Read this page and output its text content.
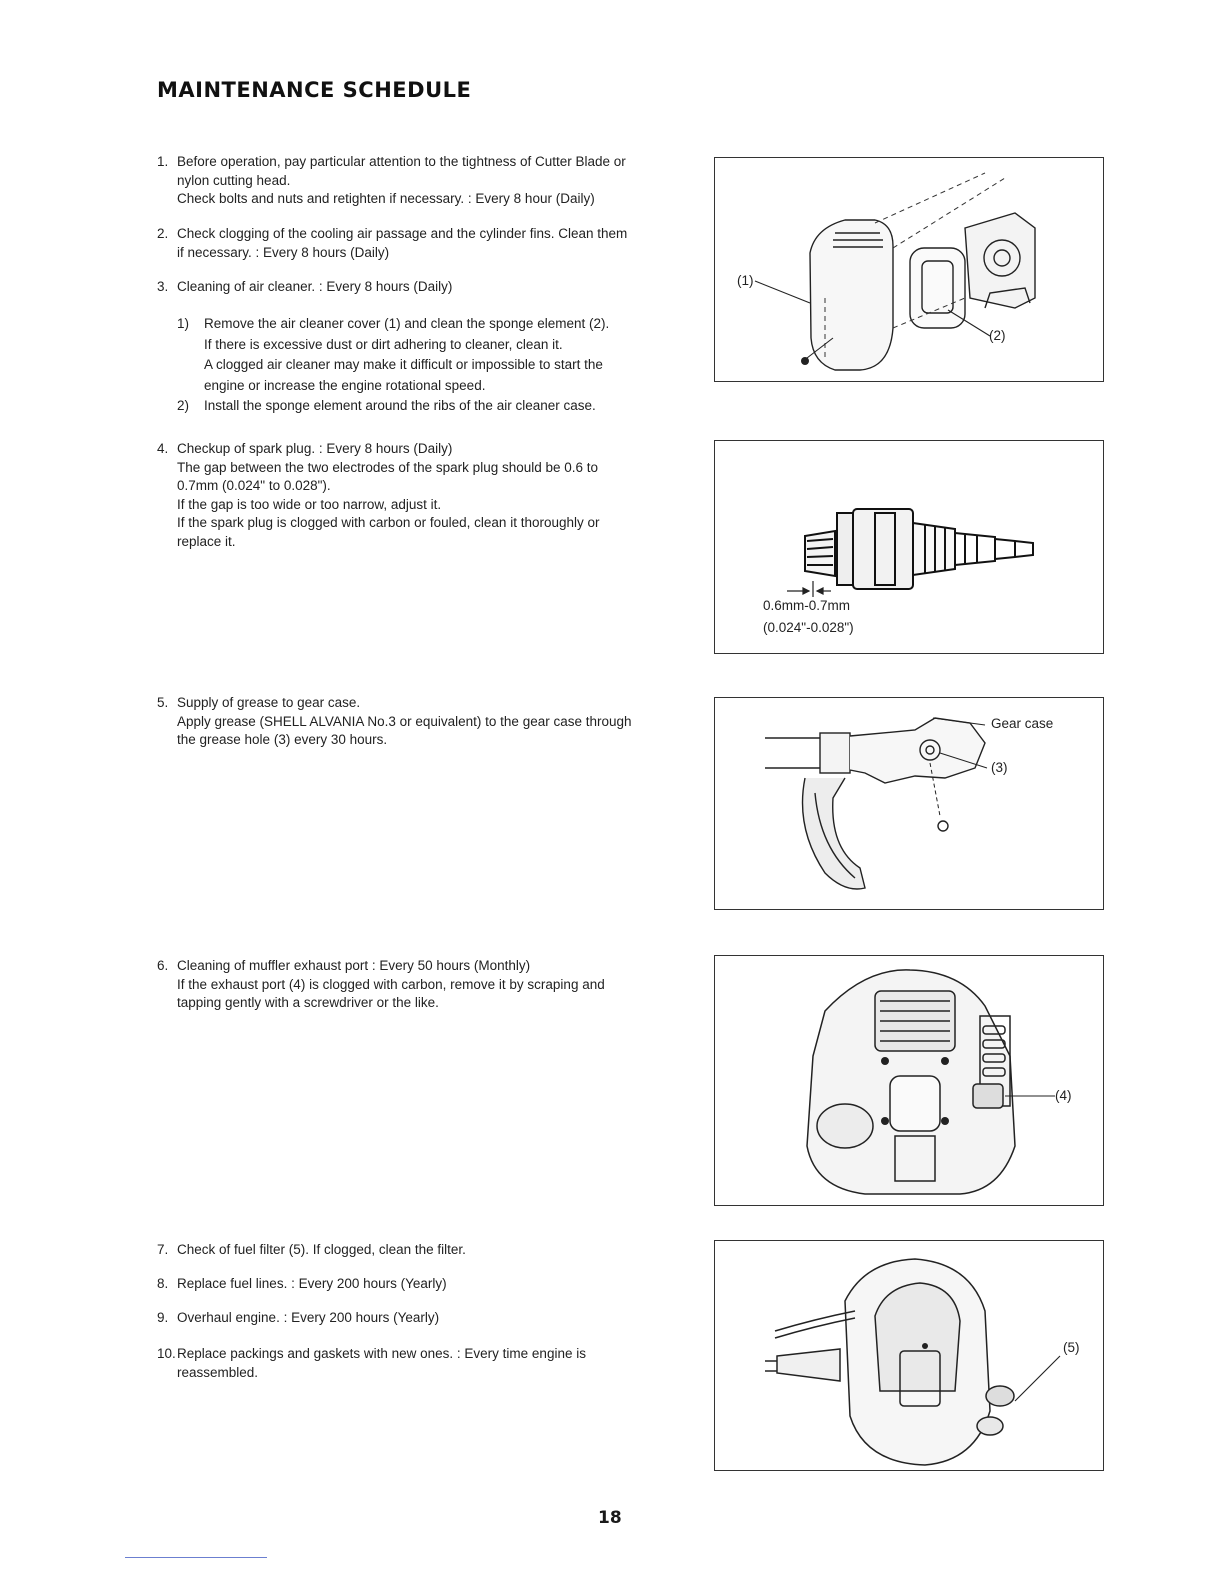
MAINTENANCE SCHEDULE
1. Before operation, pay particular attention to the tightness of Cutter Blade or
nylon cutting head.
Check bolts and nuts and retighten if necessary. : Every 8 hour (Daily)
2. Check clogging of the cooling air passage and the cylinder fins. Clean them
if necessary. : Every 8 hours (Daily)
3. Cleaning of air cleaner. : Every 8 hours (Daily)
1) Remove the air cleaner cover (1) and clean the sponge element (2).
If there is excessive dust or dirt adhering to cleaner, clean it.
A clogged air cleaner may make it difficult or impossible to start the
engine or increase the engine rotational speed.
2) Install the sponge element around the ribs of the air cleaner case.
4. Checkup of spark plug. : Every 8 hours (Daily)
The gap between the two electrodes of the spark plug should be 0.6 to
0.7mm (0.024" to 0.028").
If the gap is too wide or too narrow, adjust it.
If the spark plug is clogged with carbon or fouled, clean it thoroughly or
replace it.
5. Supply of grease to gear case.
Apply grease (SHELL ALVANIA No.3 or equivalent) to the gear case through
the grease hole (3) every 30 hours.
6. Cleaning of muffler exhaust port : Every 50 hours (Monthly)
If the exhaust port (4) is clogged with carbon, remove it by scraping and
tapping gently with a screwdriver or the like.
7. Check of fuel filter (5). If clogged, clean the filter.
8. Replace fuel lines. : Every 200 hours (Yearly)
9. Overhaul engine. : Every 200 hours (Yearly)
10. Replace packings and gaskets with new ones. : Every time engine is
reassembled.
(1)
(2)
0.6mm-0.7mm
(0.024"-0.028")
Gear case
(3)
(4)
(5)
18
